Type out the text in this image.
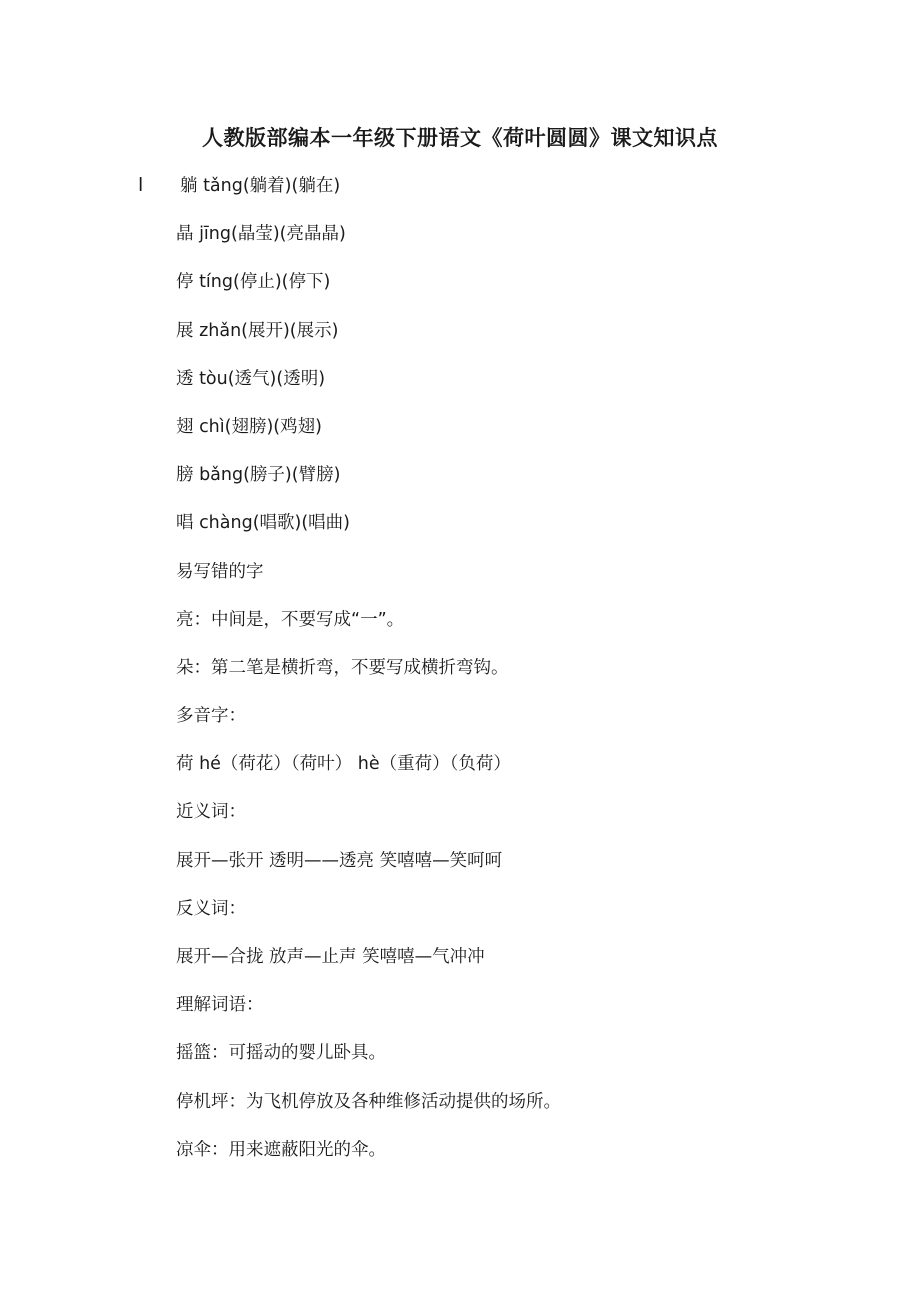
人教版部编本一年级下册语文《荷叶圆圆》课文知识点
l 躺 tǎng(躺着)(躺在)
晶 jīng(晶莹)(亮晶晶)
停 tíng(停止)(停下)
展 zhǎn(展开)(展示)
透 tòu(透气)(透明)
翅 chì(翅膀)(鸡翅)
膀 bǎng(膀子)(臂膀)
唱 chàng(唱歌)(唱曲)
易写错的字
亮：中间是，不要写成“一”。
朵：第二笔是横折弯，不要写成横折弯钩。
多音字：
荷 hé（荷花）（荷叶） hè（重荷）（负荷）
近义词：
展开—张开 透明——透亮 笑嘻嘻—笑呵呵
反义词：
展开—合拢 放声—止声 笑嘻嘻—气冲冲
理解词语：
摇篮：可摇动的婴儿卧具。
停机坪：为飞机停放及各种维修活动提供的场所。
凉伞：用来遮蔽阳光的伞。
